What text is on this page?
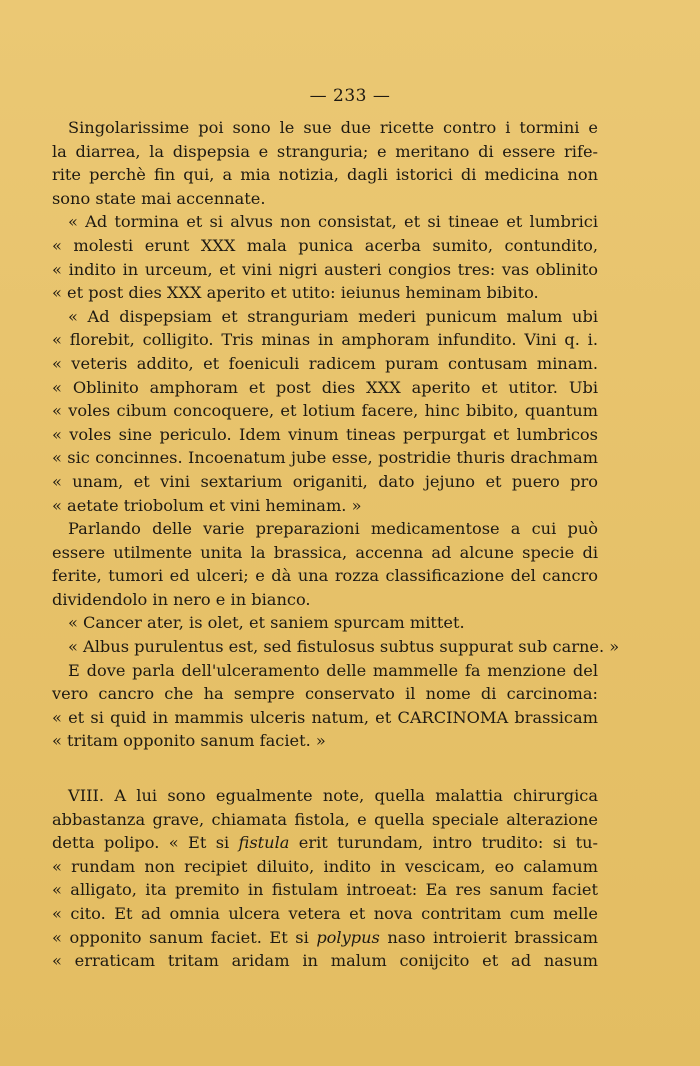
— 233 —
Singolarissime poi sono le sue due ricette contro i tormini e
la diarrea, la dispepsia e stranguria; e meritano di essere rife-
rite perchè fin qui, a mia notizia, dagli istorici di medicina non
sono state mai accennate.
« Ad tormina et si alvus non consistat, et si tineae et lumbrici
« molesti erunt XXX mala punica acerba sumito, contundito,
« indito in urceum, et vini nigri austeri congios tres: vas oblinito
« et post dies XXX aperito et utito: ieiunus heminam bibito.
« Ad dispepsiam et stranguriam mederi punicum malum ubi
« florebit, colligito. Tris minas in amphoram infundito. Vini q. i.
« veteris addito, et foeniculi radicem puram contusam minam.
« Oblinito amphoram et post dies XXX aperito et utitor. Ubi
« voles cibum concoquere, et lotium facere, hinc bibito, quantum
« voles sine periculo. Idem vinum tineas perpurgat et lumbricos
« sic concinnes. Incoenatum jube esse, postridie thuris drachmam
« unam, et vini sextarium origaniti, dato jejuno et puero pro
« aetate triobolum et vini heminam. »
Parlando delle varie preparazioni medicamentose a cui può
essere utilmente unita la brassica, accenna ad alcune specie di
ferite, tumori ed ulceri; e dà una rozza classificazione del cancro
dividendolo in nero e in bianco.
« Cancer ater, is olet, et saniem spurcam mittet.
« Albus purulentus est, sed fistulosus subtus suppurat sub carne. »
E dove parla dell'ulceramento delle mammelle fa menzione del
vero cancro che ha sempre conservato il nome di carcinoma:
« et si quid in mammis ulceris natum, et CARCINOMA brassicam
« tritam opponito sanum faciet. »
VIII. A lui sono egualmente note, quella malattia chirurgica
abbastanza grave, chiamata fistola, e quella speciale alterazione
detta polipo. « Et si fistula erit turundam, intro trudito: si tu-
« rundam non recipiet diluito, indito in vescicam, eo calamum
« alligato, ita premito in fistulam introeat: Ea res sanum faciet
« cito. Et ad omnia ulcera vetera et nova contritam cum melle
« opponito sanum faciet. Et si polypus naso introierit brassicam
« erraticam tritam aridam in malum conijcito et ad nasum
